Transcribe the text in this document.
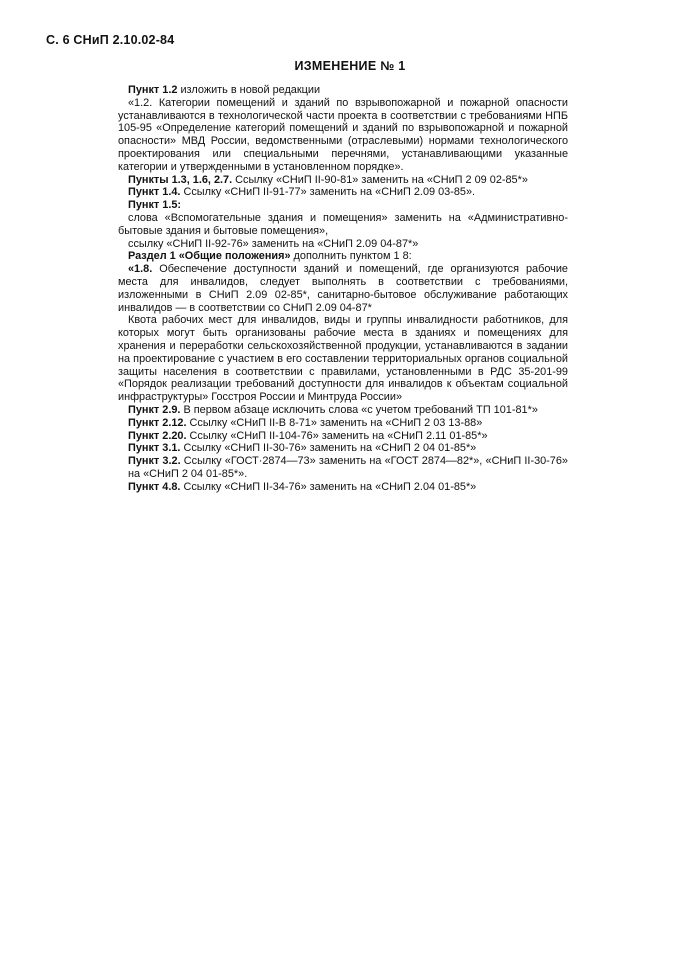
С. 6 СНиП 2.10.02-84
ИЗМЕНЕНИЕ № 1

Пункт 1.2 изложить в новой редакции

«1.2. Категории помещений и зданий по взрывопожарной и пожарной опасности устанавливаются в технологической части проекта в соответствии с требованиями НПБ 105-95 «Определение категорий помещений и зданий по взрывопожарной и пожарной опасности» МВД России, ведомственными (отраслевыми) нормами технологического проектирования или специальными перечнями, устанавливающими указанные категории и утвержденными в установленном порядке».

Пункты 1.3, 1.6, 2.7. Ссылку «СНиП II-90-81» заменить на «СНиП 2 09 02-85*»

Пункт 1.4. Ссылку «СНиП II-91-77» заменить на «СНиП 2.09 03-85».

Пункт 1.5:

слова «Вспомогательные здания и помещения» заменить на «Административно-бытовые здания и бытовые помещения»,

ссылку «СНиП II-92-76» заменить на «СНиП 2.09 04-87*»

Раздел 1 «Общие положения» дополнить пунктом 1 8:

«1.8. Обеспечение доступности зданий и помещений, где организуются рабочие места для инвалидов, следует выполнять в соответствии с требованиями, изложенными в СНиП 2.09 02-85*, санитарно-бытовое обслуживание работающих инвалидов — в соответствии со СНиП 2.09 04-87*

Квота рабочих мест для инвалидов, виды и группы инвалидности работников, для которых могут быть организованы рабочие места в зданиях и помещениях для хранения и переработки сельскохозяйственной продукции, устанавливаются в задании на проектирование с участием в его составлении территориальных органов социальной защиты населения в соответствии с правилами, установленными в РДС 35-201-99 «Порядок реализации требований доступности для инвалидов к объектам социальной инфраструктуры» Госстроя России и Минтруда России»

Пункт 2.9. В первом абзаце исключить слова «с учетом требований ТП 101-81*»

Пункт 2.12. Ссылку «СНиП II-В 8-71» заменить на «СНиП 2 03 13-88»

Пункт 2.20. Ссылку «СНиП II-104-76» заменить на «СНиП 2.11 01-85*»

Пункт 3.1. Ссылку «СНиП II-30-76» заменить на «СНиП 2 04 01-85*»

Пункт 3.2. Ссылку «ГОСТ·2874—73» заменить на «ГОСТ 2874—82*», «СНиП II-30-76» на «СНиП 2 04 01-85*».

Пункт 4.8. Ссылку «СНиП II-34-76» заменить на «СНиП 2.04 01-85*»
